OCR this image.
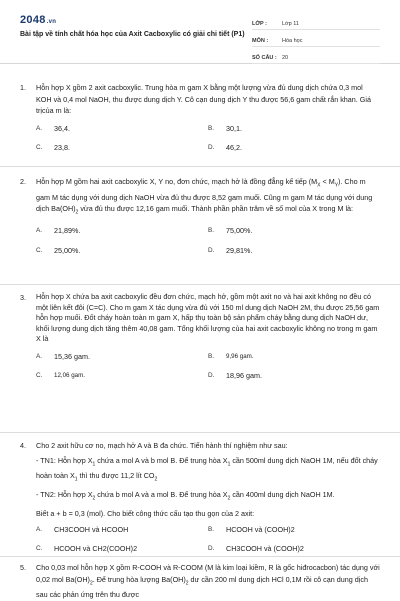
2048.vn
Bài tập về tính chất hóa học của Axit Cacboxylic có giải chi tiết (P1)
LỚP :	Lớp 11
MÔN :	Hóa học
SỐ CÂU : 20
1.	Hỗn hợp X gồm 2 axit cacboxylic. Trung hòa m gam X bằng một lượng vừa đủ dung dịch chứa 0,3 mol KOH và 0,4 mol NaOH, thu được dung dịch Y. Cô cạn dung dịch Y thu được 56,6 gam chất rắn khan. Giá trịcủa m là:
A.	36,4.	B.	30,1.
C.	23,8.	D.	46,2.
2.	Hỗn hợp M gồm hai axit cacboxylic X, Y no, đơn chức, mạch hở là đồng đẳng kế tiếp $(M_X < M_Y)$. Cho m gam M tác dụng với dung dịch NaOH vừa đủ thu được 8,52 gam muối. Cũng m gam M tác dụng với dung dịch $Ba(OH)_2$ vừa đủ thu được 12,16 gam muối. Thành phần phần trăm về số mol của X trong M là:
A.	21,89%.	B.	75,00%.
C.	25,00%.	D.	29,81%.
3.	Hỗn hợp X chứa ba axit cacboxylic đều đơn chức, mạch hở, gồm một axit no và hai axit không no đều có một liên kết đôi (C=C). Cho m gam X tác dụng vừa đủ với 150 ml dung dịch NaOH 2M, thu được 25,56 gam hỗn hợp muối. Đốt cháy hoàn toàn m gam X, hấp thụ toàn bộ sản phẩm cháy bằng dung dịch NaOH dư, khối lượng dung dịch tăng thêm 40,08 gam. Tổng khối lượng của hai axit cacboxylic không no trong m gam X là
A.	15,36 gam.	B.	9,96 gam.
C.	12,06 gam.	D.	18,96 gam.
4.	Cho 2 axit hữu cơ no, mạch hở A và B đa chức. Tiến hành thí nghiệm như sau:
- TN1: Hỗn hợp $X_1$ chứa a mol A và b mol B. Để trung hòa $X_1$ cần 500ml dung dịch NaOH 1M, nếu đốt cháy hoàn toàn $X_1$ thì thu được 11,2 lít $CO_2$
- TN2: Hỗn hợp $X_2$ chứa b mol A và a mol B. Để trung hòa $X_2$ cần 400ml dung dịch NaOH 1M.
Biết a + b = 0,3 (mol). Cho biết công thức cấu tạo thu gọn của 2 axit:
A.	CH3COOH và HCOOH	B.	HCOOH và (COOH)2
C.	HCOOH và CH2(COOH)2	D.	CH3COOH và (COOH)2
5.	Cho 0,03 mol hỗn hợp X gồm R-COOH và R-COOM (M là kim loại kiềm, R là gốc hiđrocacbon) tác dụng với 0,02 mol $Ba(OH)_2$. Để trung hòa lượng $Ba(OH)_2$ dư cần 200 ml dung dịch HCl 0,1M rồi cô cạn dung dịch sau các phản ứng trên thu được
